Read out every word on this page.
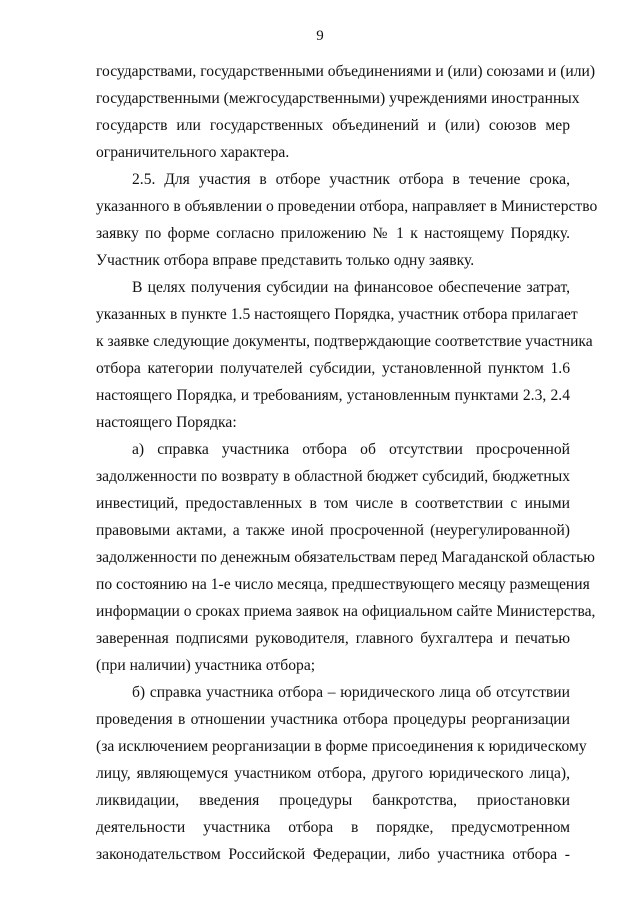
9
государствами, государственными объединениями и (или) союзами и (или)
государственными (межгосударственными) учреждениями иностранных
государств или государственных объединений и (или) союзов мер
ограничительного характера.
2.5. Для участия в отборе участник отбора в течение срока,
указанного в объявлении о проведении отбора, направляет в Министерство
заявку по форме согласно приложению № 1 к настоящему Порядку.
Участник отбора вправе представить только одну заявку.
В целях получения субсидии на финансовое обеспечение затрат,
указанных в пункте 1.5 настоящего Порядка, участник отбора прилагает
к заявке следующие документы, подтверждающие соответствие участника
отбора категории получателей субсидии, установленной пунктом 1.6
настоящего Порядка, и требованиям, установленным пунктами 2.3, 2.4
настоящего Порядка:
а) справка участника отбора об отсутствии просроченной
задолженности по возврату в областной бюджет субсидий, бюджетных
инвестиций, предоставленных в том числе в соответствии с иными
правовыми актами, а также иной просроченной (неурегулированной)
задолженности по денежным обязательствам перед Магаданской областью
по состоянию на 1-е число месяца, предшествующего месяцу размещения
информации о сроках приема заявок на официальном сайте Министерства,
заверенная подписями руководителя, главного бухгалтера и печатью
(при наличии) участника отбора;
б) справка участника отбора – юридического лица об отсутствии
проведения в отношении участника отбора процедуры реорганизации
(за исключением реорганизации в форме присоединения к юридическому
лицу, являющемуся участником отбора, другого юридического лица),
ликвидации, введения процедуры банкротства, приостановки
деятельности участника отбора в порядке, предусмотренном
законодательством Российской Федерации, либо участника отбора -
